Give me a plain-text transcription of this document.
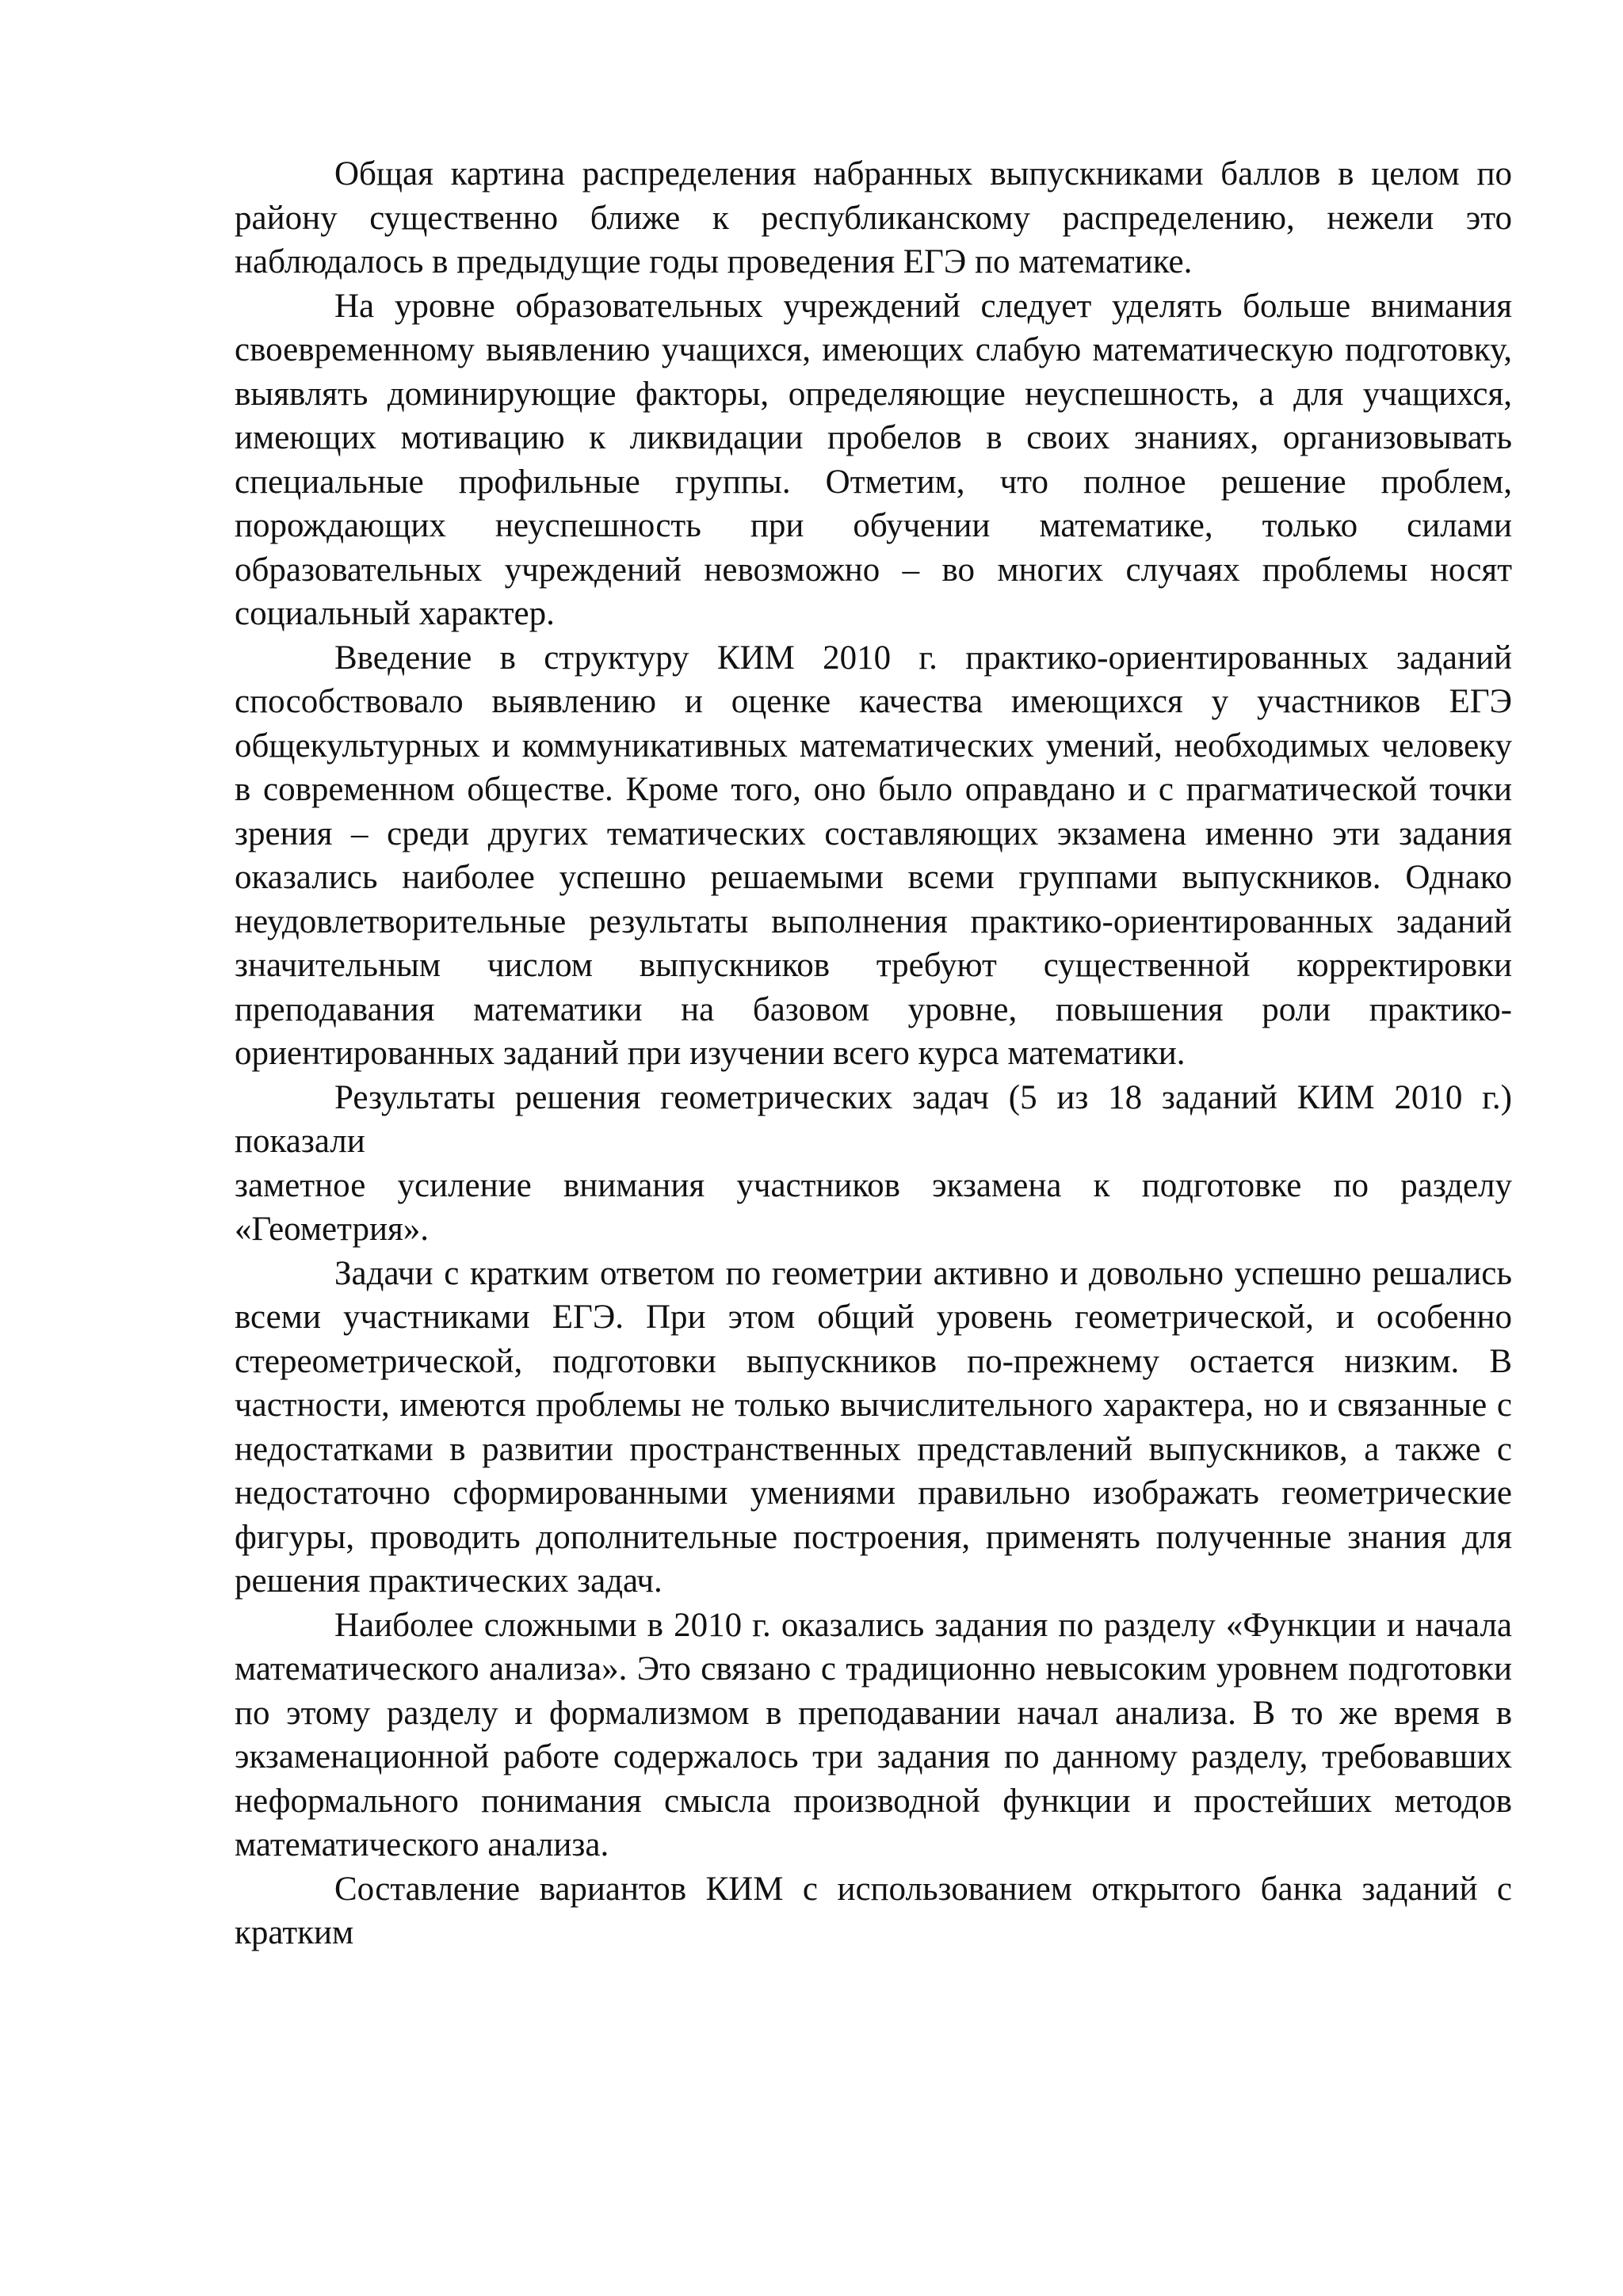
Общая картина распределения набранных выпускниками баллов в целом по району существенно ближе к республиканскому распределению, нежели это наблюдалось в предыдущие годы проведения ЕГЭ по математике.

На уровне образовательных учреждений следует уделять больше внимания своевременному выявлению учащихся, имеющих слабую математическую подготовку, выявлять доминирующие факторы, определяющие неуспешность, а для учащихся, имеющих мотивацию к ликвидации пробелов в своих знаниях, организовывать специальные профильные группы. Отметим, что полное решение проблем, порождающих неуспешность при обучении математике, только силами образовательных учреждений невозможно – во многих случаях проблемы носят социальный характер.

Введение в структуру КИМ 2010 г. практико-ориентированных заданий способствовало выявлению и оценке качества имеющихся у участников ЕГЭ общекультурных и коммуникативных математических умений, необходимых человеку в современном обществе. Кроме того, оно было оправдано и с прагматической точки зрения – среди других тематических составляющих экзамена именно эти задания оказались наиболее успешно решаемыми всеми группами выпускников. Однако неудовлетворительные результаты выполнения практико-ориентированных заданий значительным числом выпускников требуют существенной корректировки преподавания математики на базовом уровне, повышения роли практико-ориентированных заданий при изучении всего курса математики.

Результаты решения геометрических задач (5 из 18 заданий КИМ 2010 г.) показали

заметное усиление внимания участников экзамена к подготовке по разделу «Геометрия».

Задачи с кратким ответом по геометрии активно и довольно успешно решались всеми участниками ЕГЭ. При этом общий уровень геометрической, и особенно стереометрической, подготовки выпускников по-прежнему остается низким. В частности, имеются проблемы не только вычислительного характера, но и связанные с недостатками в развитии пространственных представлений выпускников, а также с недостаточно сформированными умениями правильно изображать геометрические фигуры, проводить дополнительные построения, применять полученные знания для решения практических задач.

Наиболее сложными в 2010 г. оказались задания по разделу «Функции и начала математического анализа». Это связано с традиционно невысоким уровнем подготовки по этому разделу и формализмом в преподавании начал анализа. В то же время в экзаменационной работе содержалось три задания по данному разделу, требовавших неформального понимания смысла производной функции и простейших методов математического анализа.

Составление вариантов КИМ с использованием открытого банка заданий с кратким
